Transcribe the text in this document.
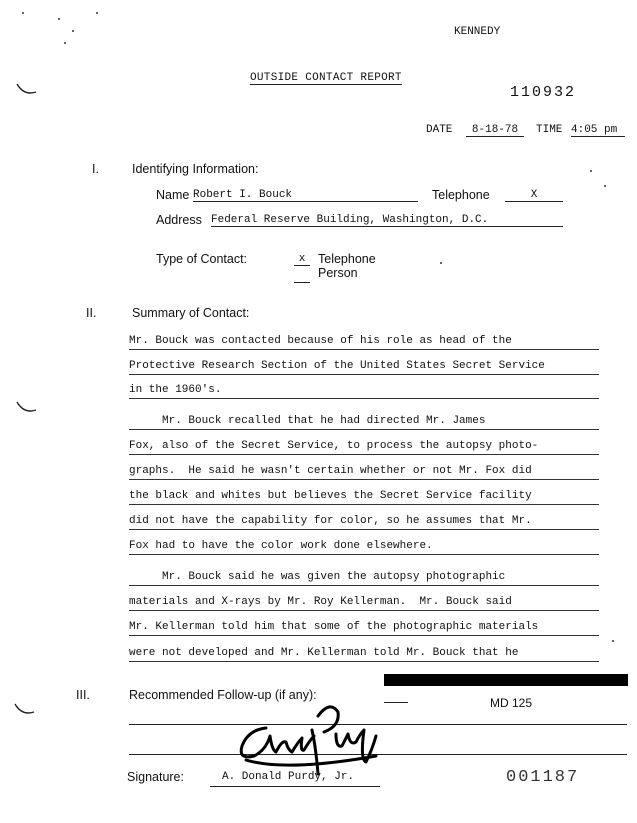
KENNEDY
OUTSIDE CONTACT REPORT
110932
DATE	8-18-78	TIME 4:05 pm
I.	Identifying Information:
Name Robert I. Bouck	Telephone	X
Address Federal Reserve Building, Washington, D.C.
Type of Contact:	x	Telephone
Person
II.	Summary of Contact:
Mr. Bouck was contacted because of his role as head of the
Protective Research Section of the United States Secret Service
in the 1960's.
Mr. Bouck recalled that he had directed Mr. James
Fox, also of the Secret Service, to process the autopsy photo-
graphs.  He said he wasn't certain whether or not Mr. Fox did
the black and whites but believes the Secret Service facility
did not have the capability for color, so he assumes that Mr.
Fox had to have the color work done elsewhere.
Mr. Bouck said he was given the autopsy photographic
materials and X-rays by Mr. Roy Kellerman.  Mr. Bouck said
Mr. Kellerman told him that some of the photographic materials
were not developed and Mr. Kellerman told Mr. Bouck that he
III.	Recommended Follow-up (if any):
MD 125
Signature:	A. Donald Purdy, Jr.	001187
